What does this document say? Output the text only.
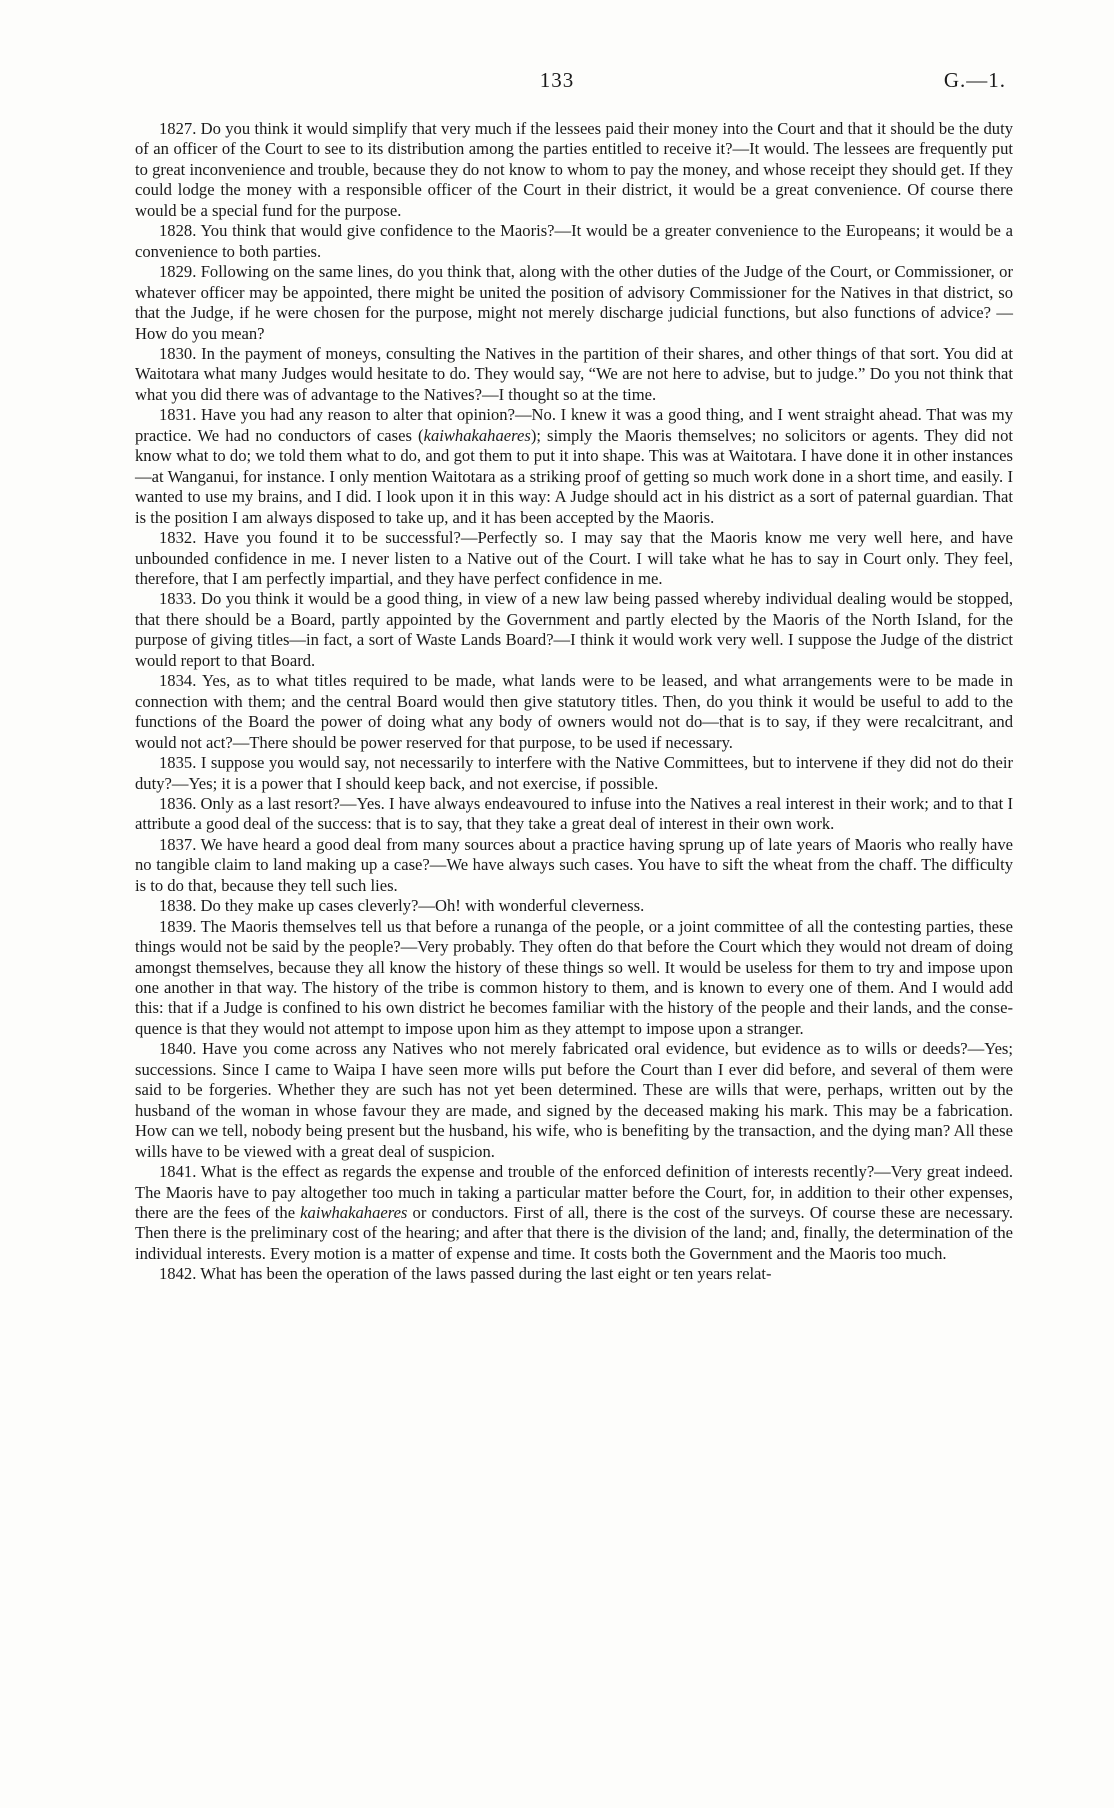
133	G.—1.

1827. Do you think it would simplify that very much if the lessees paid their money into the Court and that it should be the duty of an officer of the Court to see to its distribution among the parties entitled to receive it?—It would. The lessees are frequently put to great inconvenience and trouble, because they do not know to whom to pay the money, and whose receipt they should get. If they could lodge the money with a responsible officer of the Court in their district, it would be a great convenience. Of course there would be a special fund for the purpose.

1828. You think that would give confidence to the Maoris?—It would be a greater convenience to the Europeans; it would be a convenience to both parties.

1829. Following on the same lines, do you think that, along with the other duties of the Judge of the Court, or Commissioner, or whatever officer may be appointed, there might be united the position of advisory Commissioner for the Natives in that district, so that the Judge, if he were chosen for the purpose, might not merely discharge judicial functions, but also functions of advice? —How do you mean?

1830. In the payment of moneys, consulting the Natives in the partition of their shares, and other things of that sort. You did at Waitotara what many Judges would hesitate to do. They would say, “We are not here to advise, but to judge.” Do you not think that what you did there was of advantage to the Natives?—I thought so at the time.

1831. Have you had any reason to alter that opinion?—No. I knew it was a good thing, and I went straight ahead. That was my practice. We had no conductors of cases (kaiwhakahaeres); simply the Maoris themselves; no solicitors or agents. They did not know what to do; we told them what to do, and got them to put it into shape. This was at Waitotara. I have done it in other instances—at Wanganui, for instance. I only mention Waitotara as a striking proof of getting so much work done in a short time, and easily. I wanted to use my brains, and I did. I look upon it in this way: A Judge should act in his district as a sort of paternal guardian. That is the position I am always disposed to take up, and it has been accepted by the Maoris.

1832. Have you found it to be successful?—Perfectly so. I may say that the Maoris know me very well here, and have unbounded confidence in me. I never listen to a Native out of the Court. I will take what he has to say in Court only. They feel, therefore, that I am perfectly impartial, and they have perfect confidence in me.

1833. Do you think it would be a good thing, in view of a new law being passed whereby individual dealing would be stopped, that there should be a Board, partly appointed by the Government and partly elected by the Maoris of the North Island, for the purpose of giving titles—in fact, a sort of Waste Lands Board?—I think it would work very well. I suppose the Judge of the district would report to that Board.

1834. Yes, as to what titles required to be made, what lands were to be leased, and what arrangements were to be made in connection with them; and the central Board would then give statutory titles. Then, do you think it would be useful to add to the functions of the Board the power of doing what any body of owners would not do—that is to say, if they were recalcitrant, and would not act?—There should be power reserved for that purpose, to be used if necessary.

1835. I suppose you would say, not necessarily to interfere with the Native Committees, but to intervene if they did not do their duty?—Yes; it is a power that I should keep back, and not exercise, if possible.

1836. Only as a last resort?—Yes. I have always endeavoured to infuse into the Natives a real interest in their work; and to that I attribute a good deal of the success: that is to say, that they take a great deal of interest in their own work.

1837. We have heard a good deal from many sources about a practice having sprung up of late years of Maoris who really have no tangible claim to land making up a case?—We have always such cases. You have to sift the wheat from the chaff. The difficulty is to do that, because they tell such lies.

1838. Do they make up cases cleverly?—Oh! with wonderful cleverness.

1839. The Maoris themselves tell us that before a runanga of the people, or a joint committee of all the contesting parties, these things would not be said by the people?—Very probably. They often do that before the Court which they would not dream of doing amongst themselves, because they all know the history of these things so well. It would be useless for them to try and impose upon one another in that way. The history of the tribe is common history to them, and is known to every one of them. And I would add this: that if a Judge is confined to his own district he becomes familiar with the history of the people and their lands, and the consequence is that they would not attempt to impose upon him as they attempt to impose upon a stranger.

1840. Have you come across any Natives who not merely fabricated oral evidence, but evidence as to wills or deeds?—Yes; successions. Since I came to Waipa I have seen more wills put before the Court than I ever did before, and several of them were said to be forgeries. Whether they are such has not yet been determined. These are wills that were, perhaps, written out by the husband of the woman in whose favour they are made, and signed by the deceased making his mark. This may be a fabrication. How can we tell, nobody being present but the husband, his wife, who is benefiting by the transaction, and the dying man? All these wills have to be viewed with a great deal of suspicion.

1841. What is the effect as regards the expense and trouble of the enforced definition of interests recently?—Very great indeed. The Maoris have to pay altogether too much in taking a particular matter before the Court, for, in addition to their other expenses, there are the fees of the kaiwhakahaeres or conductors. First of all, there is the cost of the surveys. Of course these are necessary. Then there is the preliminary cost of the hearing; and after that there is the division of the land; and, finally, the determination of the individual interests. Every motion is a matter of expense and time. It costs both the Government and the Maoris too much.

1842. What has been the operation of the laws passed during the last eight or ten years relat-
